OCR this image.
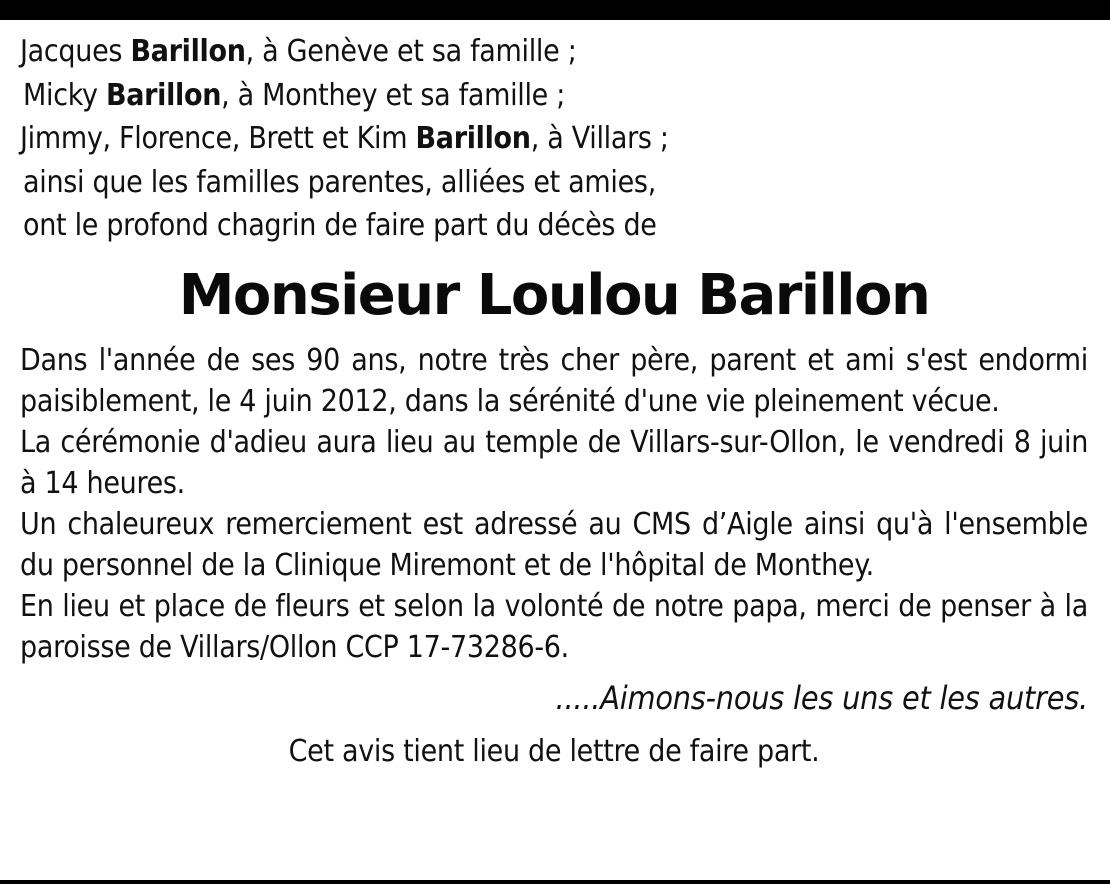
Jacques Barillon, à Genève et sa famille ;
Micky Barillon, à Monthey et sa famille ;
Jimmy, Florence, Brett et Kim Barillon, à Villars ;
ainsi que les familles parentes, alliées et amies,
ont le profond chagrin de faire part du décès de
Monsieur Loulou Barillon

Dans l'année de ses 90 ans, notre très cher père, parent et ami s'est endormi paisiblement, le 4 juin 2012, dans la sérénité d'une vie pleinement vécue.

La cérémonie d'adieu aura lieu au temple de Villars-sur-Ollon, le vendredi 8 juin à 14 heures.

Un chaleureux remerciement est adressé au CMS d’Aigle ainsi qu'à l'ensemble du personnel de la Clinique Miremont et de l'hôpital de Monthey.

En lieu et place de fleurs et selon la volonté de notre papa, merci de penser à la paroisse de Villars/Ollon CCP 17-73286-6.

.....Aimons-nous les uns et les autres.
Cet avis tient lieu de lettre de faire part.
